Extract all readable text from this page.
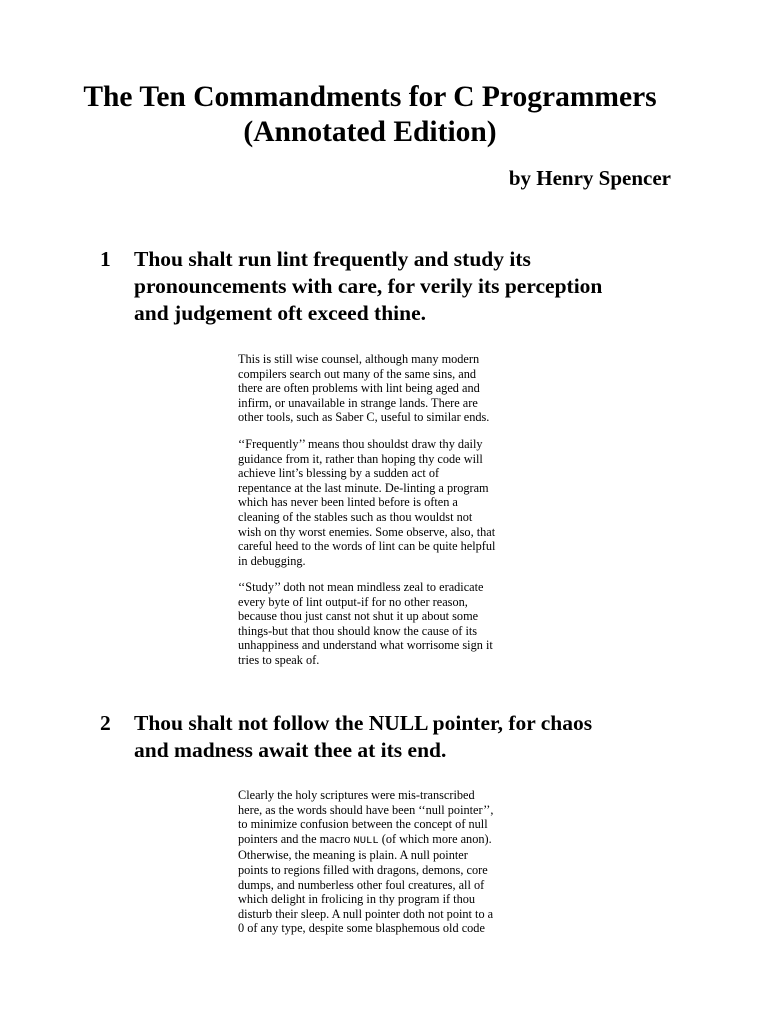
The Ten Commandments for C Programmers
(Annotated Edition)

by Henry Spencer

1	Thou shalt run lint frequently and study its
pronouncements with care, for verily its perception
and judgement oft exceed thine.
This is still wise counsel, although many modern
compilers search out many of the same sins, and
there are often problems with lint being aged and
infirm, or unavailable in strange lands. There are
other tools, such as Saber C, useful to similar ends.
‘‘Frequently’’ means thou shouldst draw thy daily
guidance from it, rather than hoping thy code will
achieve lint’s blessing by a sudden act of
repentance at the last minute. De-linting a program
which has never been linted before is often a
cleaning of the stables such as thou wouldst not
wish on thy worst enemies. Some observe, also, that
careful heed to the words of lint can be quite helpful
in debugging.
‘‘Study’’ doth not mean mindless zeal to eradicate
every byte of lint output-if for no other reason,
because thou just canst not shut it up about some
things-but that thou should know the cause of its
unhappiness and understand what worrisome sign it
tries to speak of.
2	Thou shalt not follow the NULL pointer, for chaos
and madness await thee at its end.
Clearly the holy scriptures were mis-transcribed
here, as the words should have been ‘‘null pointer’’,
to minimize confusion between the concept of null
pointers and the macro NULL (of which more anon).
Otherwise, the meaning is plain. A null pointer
points to regions filled with dragons, demons, core
dumps, and numberless other foul creatures, all of
which delight in frolicing in thy program if thou
disturb their sleep. A null pointer doth not point to a
0 of any type, despite some blasphemous old code
